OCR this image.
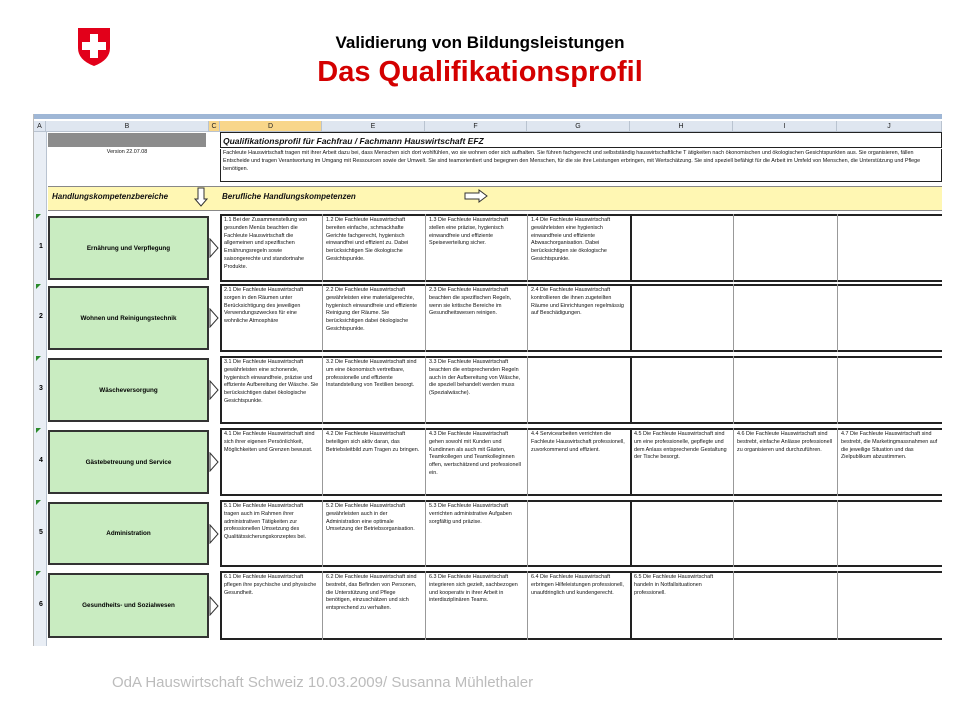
Validierung von Bildungsleistungen
Das Qualifikationsprofil
Qualifikationsprofil für Fachfrau / Fachmann Hauswirtschaft EFZ
Version 22.07.08	Fachleute Hauswirtschaft tragen mit ihrer Arbeit dazu bei, dass Menschen sich dort wohlfühlen, wo sie wohnen oder sich aufhalten. Sie führen fachgerecht und selbstständig hauswirtschaftliche T ätigkeiten nach ökonomischen und ökologischen Gesichtspunkten aus. Sie organisieren, fällen Entscheide und tragen Verantwortung im Umgang mit Ressourcen sowie der Umwelt. Sie sind teamorientiert und begegnen den Menschen, für die sie ihre Leistungen erbringen, mit Wertschätzung. Sie sind speziell befähigt für die Arbeit im Umfeld von Menschen, die Unterstützung und Pflege benötigen.
Handlungskompetenzbereiche	Berufliche Handlungskompetenzen
A	B	C	D	E	F	G	H	I	J
1	Ernährung und Verpflegung
1.1 Bei der Zusammenstellung von gesunden Menüs beachten die Fachleute Hauswirtschaft die allgemeinen und spezifischen Ernährungsregeln sowie saisongerechte und standortnahe Produkte.
1.2 Die Fachleute Hauswirtschaft bereiten einfache, schmackhafte Gerichte fachgerecht, hygienisch einwandfrei und effizient zu. Dabei berücksichtigen Sie ökologische Gesichtspunkte.
1.3 Die Fachleute Hauswirtschaft stellen eine präzise, hygienisch einwandfreie und effiziente Speiseverteilung sicher.
1.4 Die Fachleute Hauswirtschaft gewährleisten eine hygienisch einwandfreie und effiziente Abwaschorganisation. Dabei berücksichtigen sie ökologische Gesichtspunkte.
2	Wohnen und Reinigungstechnik
2.1 Die Fachleute Hauswirtschaft sorgen in den Räumen unter Berücksichtigung des jeweiligen Verwendungszweckes für eine wohnliche Atmosphäre
2.2 Die Fachleute Hauswirtschaft gewährleisten eine materialgerechte, hygienisch einwandfreie und effiziente Reinigung der Räume. Sie berücksichtigen dabei ökologische Gesichtspunkte.
2.3 Die Fachleute Hauswirtschaft beachten die spezifischen Regeln, wenn sie kritische Bereiche im Gesundheitswesen reinigen.
2.4 Die Fachleute Hauswirtschaft kontrollieren die ihnen zugeteilten Räume und Einrichtungen regelmässig auf Beschädigungen.
3	Wäscheversorgung
3.1 Die Fachleute Hauswirtschaft gewährleisten eine schonende, hygienisch einwandfreie, präzise und effiziente Aufbereitung der Wäsche. Sie berücksichtigen dabei ökologische Gesichtspunkte.
3.2 Die Fachleute Hauswirtschaft sind um eine ökonomisch vertretbare, professionelle und effiziente Instandstellung von Textilien besorgt.
3.3 Die Fachleute Hauswirtschaft beachten die entsprechenden Regeln auch in der Aufbereitung von Wäsche, die speziell behandelt werden muss (Spezialwäsche).
4	Gästebetreuung und Service
4.1 Die Fachleute Hauswirtschaft sind sich ihrer eigenen Persönlichkeit, Möglichkeiten und Grenzen bewusst.
4.2 Die Fachleute Hauswirtschaft beteiligen sich aktiv daran, das Betriebsleitbild zum Tragen zu bringen.
4.3 Die Fachleute Hauswirtschaft gehen sowohl mit Kunden und Kundinnen als auch mit Gästen, Teamkollegen und Teamkolleginnen offen, wertschätzend und professionell ein.
4.4 Servicearbeiten verrichten die Fachleute Hauswirtschaft professionell, zuvorkommend und effizient.
4.5 Die Fachleute Hauswirtschaft sind um eine professionelle, gepflegte und dem Anlass entsprechende Gestaltung der Tische besorgt.
4.6 Die Fachleute Hauswirtschaft sind bestrebt, einfache Anlässe professionell zu organisieren und durchzuführen.
4.7 Die Fachleute Hauswirtschaft sind bestrebt, die Marketingmassnahmen auf die jeweilige Situation und das Zielpublikum abzustimmen.
5	Administration
5.1 Die Fachleute Hauswirtschaft tragen auch im Rahmen ihrer administrativen Tätigkeiten zur professionellen Umsetzung des Qualitätssicherungskonzeptes bei.
5.2 Die Fachleute Hauswirtschaft gewährleisten auch in der Administration eine optimale Umsetzung der Betriebsorganisation.
5.3 Die Fachleute Hauswirtschaft verrichten administrative Aufgaben sorgfältig und präzise.
6	Gesundheits- und Sozialwesen
6.1 Die Fachleute Hauswirtschaft pflegen ihre psychische und physische Gesundheit.
6.2 Die Fachleute Hauswirtschaft sind bestrebt, das Befinden von Personen, die Unterstützung und Pflege benötigen, einzuschätzen und sich entsprechend zu verhalten.
6.3 Die Fachleute Hauswirtschaft integrieren sich gezielt, sachbezogen und kooperativ in ihrer Arbeit in interdisziplinären Teams.
6.4 Die Fachleute Hauswirtschaft erbringen Hilfeleistungen professionell, unaufdringlich und kundengerecht.
6.5 Die Fachleute Hauswirtschaft handeln in Notfallsituationen professionell.
OdA Hauswirtschaft Schweiz 10.03.2009/ Susanna Mühlethaler
